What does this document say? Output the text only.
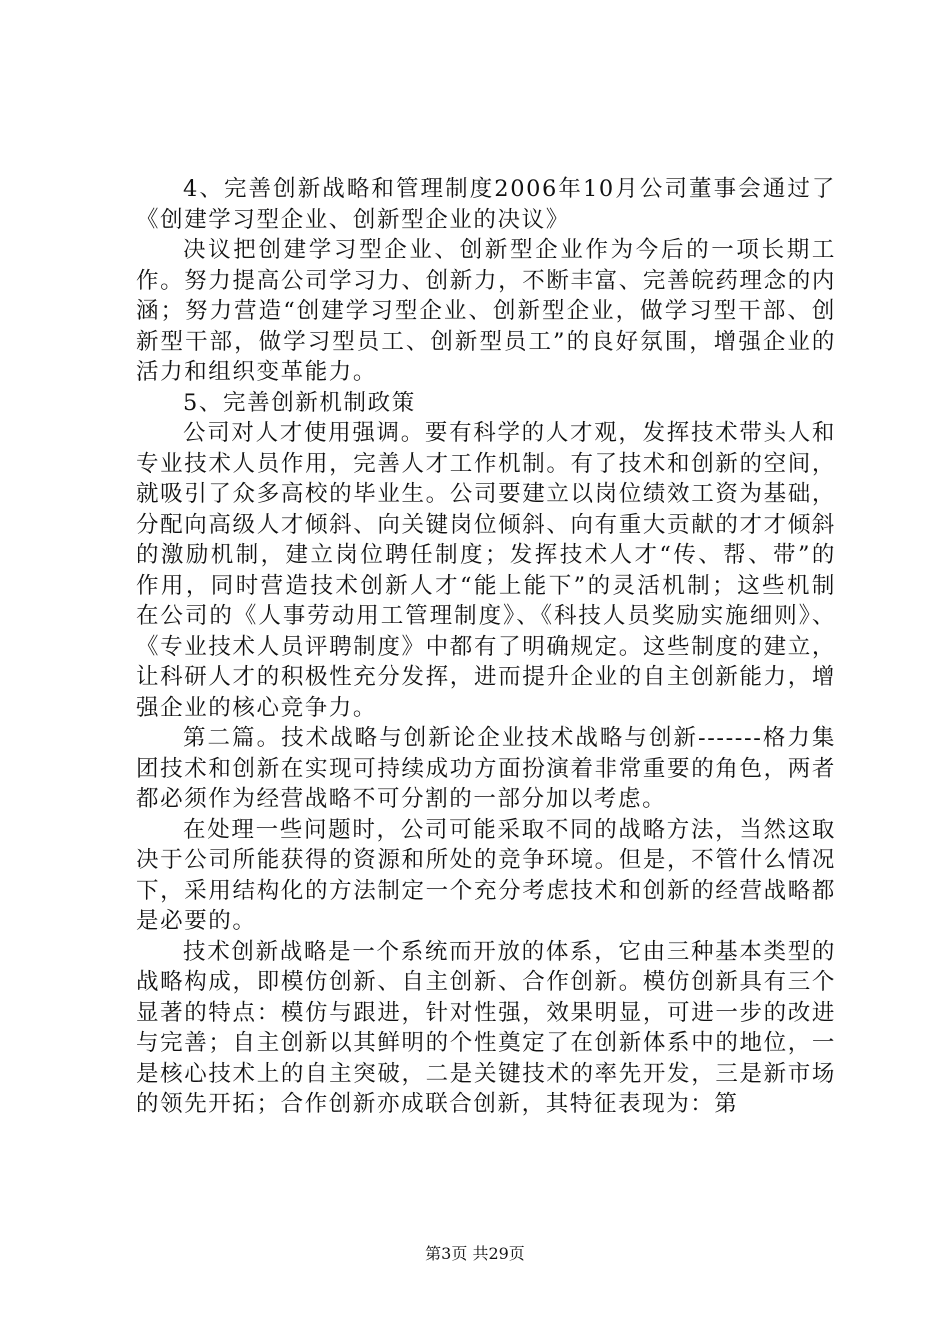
4、完善创新战略和管理制度2006年10月公司董事会通过了《创建学习型企业、创新型企业的决议》

决议把创建学习型企业、创新型企业作为今后的一项长期工作。努力提高公司学习力、创新力，不断丰富、完善皖药理念的内涵；努力营造“创建学习型企业、创新型企业，做学习型干部、创新型干部，做学习型员工、创新型员工”的良好氛围，增强企业的活力和组织变革能力。

5、完善创新机制政策

公司对人才使用强调。要有科学的人才观，发挥技术带头人和专业技术人员作用，完善人才工作机制。有了技术和创新的空间，就吸引了众多高校的毕业生。公司要建立以岗位绩效工资为基础，分配向高级人才倾斜、向关键岗位倾斜、向有重大贡献的才才倾斜的激励机制，建立岗位聘任制度；发挥技术人才“传、帮、带”的作用，同时营造技术创新人才“能上能下”的灵活机制；这些机制在公司的《人事劳动用工管理制度》、《科技人员奖励实施细则》、《专业技术人员评聘制度》中都有了明确规定。这些制度的建立，让科研人才的积极性充分发挥，进而提升企业的自主创新能力，增强企业的核心竞争力。

第二篇。技术战略与创新论企业技术战略与创新-------格力集团技术和创新在实现可持续成功方面扮演着非常重要的角色，两者都必须作为经营战略不可分割的一部分加以考虑。

在处理一些问题时，公司可能采取不同的战略方法，当然这取决于公司所能获得的资源和所处的竞争环境。但是，不管什么情况下，采用结构化的方法制定一个充分考虑技术和创新的经营战略都是必要的。

技术创新战略是一个系统而开放的体系，它由三种基本类型的战略构成，即模仿创新、自主创新、合作创新。模仿创新具有三个显著的特点：模仿与跟进，针对性强，效果明显，可进一步的改进与完善；自主创新以其鲜明的个性奠定了在创新体系中的地位，一是核心技术上的自主突破，二是关键技术的率先开发，三是新市场的领先开拓；合作创新亦成联合创新，其特征表现为：第

第3页 共29页
